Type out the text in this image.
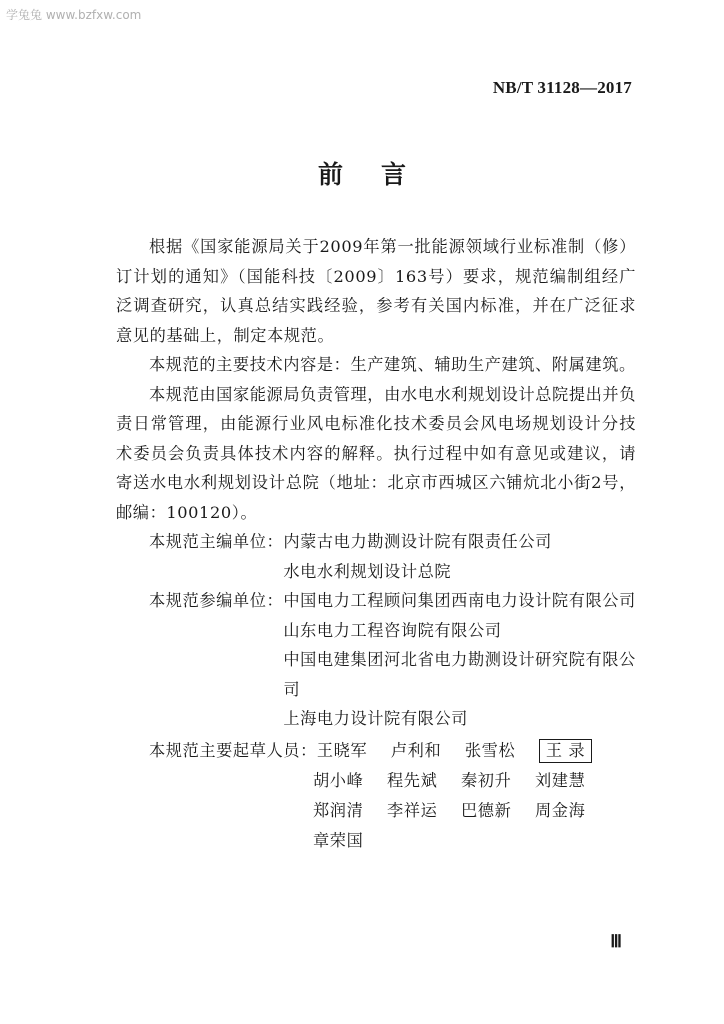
学兔兔 www.bzfxw.com
NB/T 31128—2017
前言

根据《国家能源局关于2009年第一批能源领域行业标准制（修）订计划的通知》（国能科技〔2009〕163号）要求，规范编制组经广泛调查研究，认真总结实践经验，参考有关国内标准，并在广泛征求意见的基础上，制定本规范。

本规范的主要技术内容是：生产建筑、辅助生产建筑、附属建筑。

本规范由国家能源局负责管理，由水电水利规划设计总院提出并负责日常管理，由能源行业风电标准化技术委员会风电场规划设计分技术委员会负责具体技术内容的解释。执行过程中如有意见或建议，请寄送水电水利规划设计总院（地址：北京市西城区六铺炕北小街2号，邮编：100120）。

本规范主编单位： 内蒙古电力勘测设计院有限责任公司
水电水利规划设计总院
本规范参编单位： 中国电力工程顾问集团西南电力设计院有限公司
山东电力工程咨询院有限公司
中国电建集团河北省电力勘测设计研究院有限公司
上海电力设计院有限公司
本规范主要起草人员： 王晓军	卢利和	张雪松	王 录
胡小峰	程先斌	秦初升	刘建慧
郑润清	李祥运	巴德新	周金海
章荣国
Ⅲ
